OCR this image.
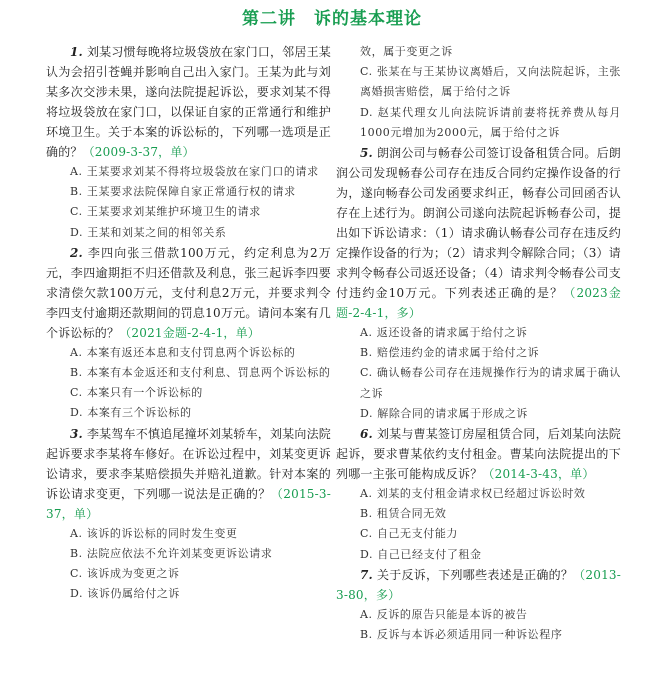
第二讲　诉的基本理论

1. 刘某习惯每晚将垃圾袋放在家门口，邻居王某认为会招引苍蝇并影响自己出入家门。王某为此与刘某多次交涉未果，遂向法院提起诉讼，要求刘某不得将垃圾袋放在家门口，以保证自家的正常通行和维护环境卫生。关于本案的诉讼标的，下列哪一选项是正确的？（2009-3-37，单）

A. 王某要求刘某不得将垃圾袋放在家门口的请求

B. 王某要求法院保障自家正常通行权的请求

C. 王某要求刘某维护环境卫生的请求

D. 王某和刘某之间的相邻关系

2. 李四向张三借款100万元，约定利息为2万元，李四逾期拒不归还借款及利息，张三起诉李四要求清偿欠款100万元，支付利息2万元，并要求判令李四支付逾期还款期间的罚息10万元。请问本案有几个诉讼标的？（2021金题-2-4-1，单）

A. 本案有返还本息和支付罚息两个诉讼标的

B. 本案有本金返还和支付利息、罚息两个诉讼标的

C. 本案只有一个诉讼标的

D. 本案有三个诉讼标的

3. 李某驾车不慎追尾撞坏刘某轿车，刘某向法院起诉要求李某将车修好。在诉讼过程中，刘某变更诉讼请求，要求李某赔偿损失并赔礼道歉。针对本案的诉讼请求变更，下列哪一说法是正确的？（2015-3-37，单）

A. 该诉的诉讼标的同时发生变更

B. 法院应依法不允许刘某变更诉讼请求

C. 该诉成为变更之诉

D. 该诉仍属给付之诉

效，属于变更之诉

C. 张某在与王某协议离婚后，又向法院起诉，主张离婚损害赔偿，属于给付之诉

D. 赵某代理女儿向法院诉请前妻将抚养费从每月1000元增加为2000元，属于给付之诉

5. 朗润公司与畅春公司签订设备租赁合同。后朗润公司发现畅春公司存在违反合同约定操作设备的行为，遂向畅春公司发函要求纠正，畅春公司回函否认存在上述行为。朗润公司遂向法院起诉畅春公司，提出如下诉讼请求：（1）请求确认畅春公司存在违反约定操作设备的行为；（2）请求判令解除合同；（3）请求判令畅春公司返还设备；（4）请求判令畅春公司支付违约金10万元。下列表述正确的是？（2023金题-2-4-1，多）

A. 返还设备的请求属于给付之诉

B. 赔偿违约金的请求属于给付之诉

C. 确认畅春公司存在违规操作行为的请求属于确认之诉

D. 解除合同的请求属于形成之诉

6. 刘某与曹某签订房屋租赁合同，后刘某向法院起诉，要求曹某依约支付租金。曹某向法院提出的下列哪一主张可能构成反诉？（2014-3-43，单）

A. 刘某的支付租金请求权已经超过诉讼时效

B. 租赁合同无效

C. 自己无支付能力

D. 自己已经支付了租金

7. 关于反诉，下列哪些表述是正确的？（2013-3-80，多）

A. 反诉的原告只能是本诉的被告

B. 反诉与本诉必须适用同一种诉讼程序
